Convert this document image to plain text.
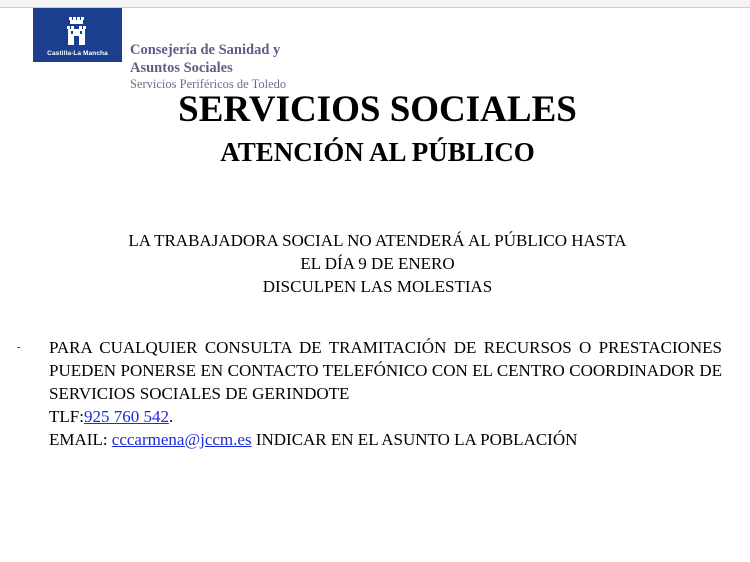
Castilla-La Mancha	Consejería de Sanidad y
Asuntos Sociales
Servicios Periféricos de Toledo
SERVICIOS SOCIALES
ATENCIÓN AL PÚBLICO
LA TRABAJADORA SOCIAL NO ATENDERÁ AL PÚBLICO HASTA
EL DÍA 9 DE ENERO
DISCULPEN LAS MOLESTIAS
-	PARA CUALQUIER CONSULTA DE TRAMITACIÓN DE RECURSOS O PRESTACIONES PUEDEN PONERSE EN CONTACTO TELEFÓNICO CON EL CENTRO COORDINADOR DE SERVICIOS SOCIALES DE GERINDOTE
TLF:925 760 542.
EMAIL: cccarmena@jccm.es INDICAR EN EL ASUNTO LA POBLACIÓN
